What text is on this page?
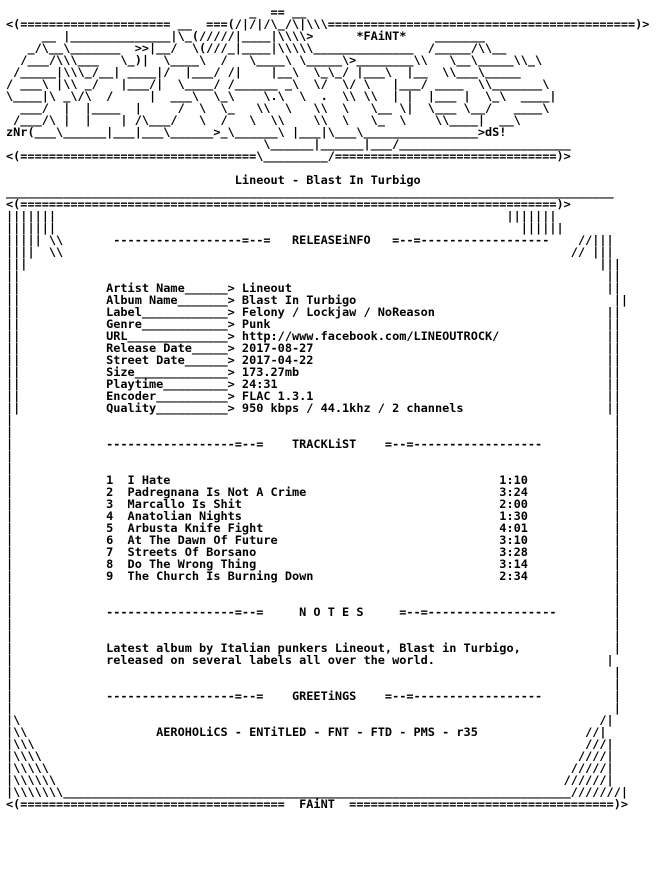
_  == __
<(===================== __  ===(/|/|/\_/\|\\\===========================================)>
__ |______________|\_(/////|____|\\\\>      *FAiNT*    _______
_/\__\_______  >>|__/  \(///_|____|\\\\\______________  /_____/\\__
/___/\\\___   \_)|  \____\  /   \____\ \_____\>________\\   \__\_____\\_\
/_____|\\\_/__| ____|/  |___/ /|    |__\  \_\_/ |___\  |__  \\___\_____
/ ___\ |\\ _/   |___/|  \____/ /______ _\  \/  \/ \   |___/ ____  \\_______\
\____|\ _\/\  /     |  ___\  \_\    \.\  \  .  \\ \\  | |  |___ |  \_\  ____|
___/  |  |____  |     /  \  \_   \\  \   \\  \   \__ \|  \___ \__/   ____\
/___/\ |  |    | /\___/   \  /   \  \\    \\  \   \_  \    \\____|  __\
zNr(___\______|___|___\______>_\______\ |___|\___\________________>dS!
\______|______|___/________________________
<(=================================\_________/===============================)>
Lineout - Blast In Turbigo
_____________________________________________________________________________________
<(===========================================================================)>
|||||||                                                               |||||||
|||||||                                                                 ||||||
||||| \\       ------------------=--=   RELEASEiNFO   =--=------------------    //|||
||||  \\                                                                       // |||
|||                                                                                |||
||                                                                                  ||
||            Artist Name______> Lineout                                            ||
||            Album Name_______> Blast In Turbigo                                    ||
||            Label____________> Felony / Lockjaw / NoReason                        ||
||            Genre____________> Punk                                               ||
||            URL______________> http://www.facebook.com/LINEOUTROCK/               ||
||            Release Date_____> 2017-08-27                                         ||
||            Street Date______> 2017-04-22                                         ||
||            Size_____________> 173.27mb                                           ||
||            Playtime_________> 24:31                                              ||
||            Encoder__________> FLAC 1.3.1                                         ||
||            Quality__________> 950 kbps / 44.1khz / 2 channels                    ||
|                                                                                    |
|                                                                                    |
|             ------------------=--=    TRACKLiST    =--=------------------          |
|                                                                                    |
|                                                                                    |
|             1  I Hate                                              1:10            |
|             2  Padregnana Is Not A Crime                           3:24            |
|             3  Marcallo Is Shit                                    2:00            |
|             4  Anatolian Nights                                    1:30            |
|             5  Arbusta Knife Fight                                 4:01            |
|             6  At The Dawn Of Future                               3:10            |
|             7  Streets Of Borsano                                  3:28            |
|             8  Do The Wrong Thing                                  3:14            |
|             9  The Church Is Burning Down                          2:34            |
|                                                                                    |
|                                                                                    |
|             ------------------=--=     N O T E S     =--=------------------        |
|                                                                                    |
|                                                                                    |
|             Latest album by Italian punkers Lineout, Blast in Turbigo,             |
|             released on several labels all over the world.                        |
|                                                                                    |
|                                                                                    |
|             ------------------=--=    GREETiNGS    =--=------------------          |
|                                                                                    |
|\                                                                                 /|
|\\                  AEROHOLiCS - ENTiTLED - FNT - FTD - PMS - r35               //|
|\\\                                                                             ///|
|\\\\                                                                           ////|
|\\\\\                                                                         /////|
|\\\\\\                                                                       //////|
|\\\\\\\_______________________________________________________________________///////|
<(=====================================  FAiNT  =====================================)>
